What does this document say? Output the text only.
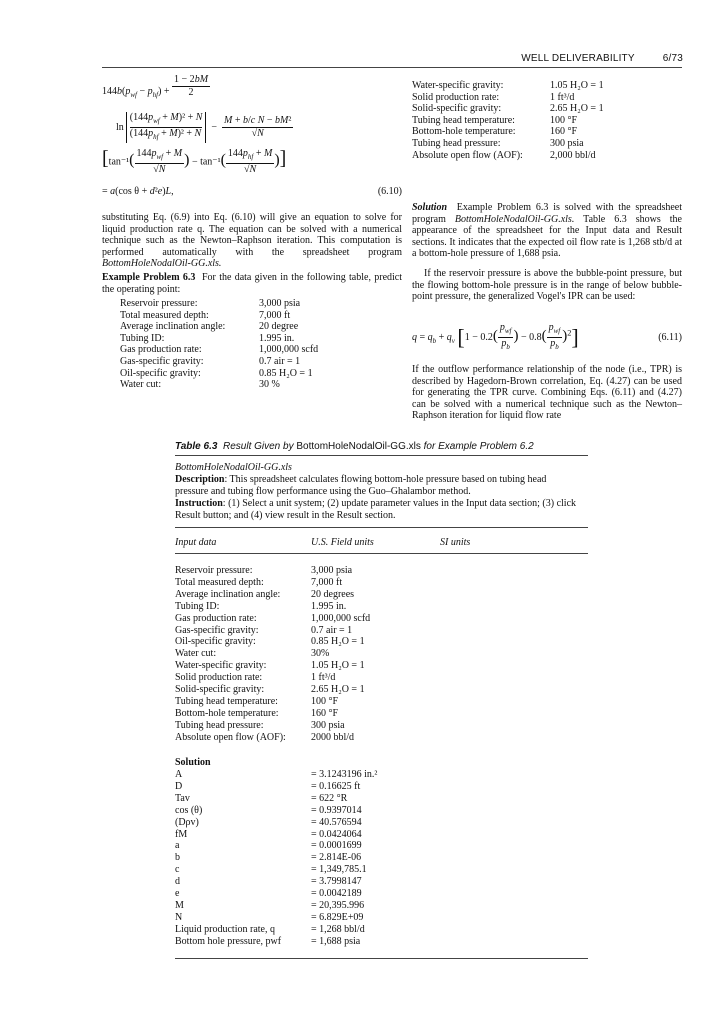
WELL DELIVERABILITY	6/73
$144b(p_{wf} - p_{hf}) + \frac{1 - 2bM}{2}$
ln
$(144p_{wf} + M)^2 + N$
$(144p_{hf} + M)^2 + N$
− $\frac{\text{M + b/c N − bM²}}{√N}$
[$\tan^{-1}( \frac{144p_{wf} + M}{√N}$ ) − $\tan^{-1}( \frac{144p_{hf} + M}{√N}$ )]
= a(cos θ + d²e)L,	(6.10)
substituting Eq. (6.9) into Eq. (6.10) will give an equation to solve for liquid production rate q. The equation can be solved with a numerical technique such as the Newton–Raphson iteration. This computation is performed automatically with the spreadsheet program BottomHoleNodalOil-GG.xls.
Example Problem 6.3 For the data given in the following table, predict the operating point:
Reservoir pressure:	3,000 psia
Total measured depth:	7,000 ft
Average inclination angle:	20 degree
Tubing ID:	1.995 in.
Gas production rate:	1,000,000 scfd
Gas-specific gravity:	0.7 air = 1
Oil-specific gravity:	0.85 H₂O = 1
Water cut:	30 %
Water-specific gravity:	1.05 H₂O = 1
Solid production rate:	1 ft³/d
Solid-specific gravity:	2.65 H₂O = 1
Tubing head temperature:	100 °F
Bottom-hole temperature:	160 °F
Tubing head pressure:	300 psia
Absolute open flow (AOF):	2,000 bbl/d
Solution Example Problem 6.3 is solved with the spreadsheet program BottomHoleNodalOil-GG.xls. Table 6.3 shows the appearance of the spreadsheet for the Input data and Result sections. It indicates that the expected oil flow rate is 1,268 stb/d at a bottom-hole pressure of 1,688 psia.
If the reservoir pressure is above the bubble-point pressure, but the flowing bottom-hole pressure is in the range of below bubble-point pressure, the generalized Vogel's IPR can be used:
$q = q_b + q_v$ [$1 - 0.2( \frac{p_{wf}}{p_b}$ ) − $0.8( \frac{p_{wf}}{p_b} )^2$]	(6.11)
If the outflow performance relationship of the node (i.e., TPR) is described by Hagedorn-Brown correlation, Eq. (4.27) can be used for generating the TPR curve. Combining Eqs. (6.11) and (4.27) can be solved with a numerical technique such as the Newton–Raphson iteration for liquid flow rate
Table 6.3 Result Given by BottomHoleNodalOil-GG.xls for Example Problem 6.2
BottomHoleNodalOil-GG.xls
Description: This spreadsheet calculates flowing bottom-hole pressure based on tubing head pressure and tubing flow performance using the Guo–Ghalambor method.
Instruction: (1) Select a unit system; (2) update parameter values in the Input data section; (3) click Result button; and (4) view result in the Result section.
Input data	U.S. Field units	SI units
Reservoir pressure:	3,000 psia
Total measured depth:	7,000 ft
Average inclination angle:	20 degrees
Tubing ID:	1.995 in.
Gas production rate:	1,000,000 scfd
Gas-specific gravity:	0.7 air = 1
Oil-specific gravity:	0.85 H₂O = 1
Water cut:	30%
Water-specific gravity:	1.05 H₂O = 1
Solid production rate:	1 ft³/d
Solid-specific gravity:	2.65 H₂O = 1
Tubing head temperature:	100 °F
Bottom-hole temperature:	160 °F
Tubing head pressure:	300 psia
Absolute open flow (AOF):	2000 bbl/d
Solution
A	= 3.1243196 in.²
D	= 0.16625 ft
Tav	= 622 °R
cos (θ)	= 0.9397014
(Dρv)	= 40.576594
fM	= 0.0424064
a	= 0.0001699
b	= 2.814E-06
c	= 1,349,785.1
d	= 3.7998147
e	= 0.0042189
M	= 20,395.996
N	= 6.829E+09
Liquid production rate, q	= 1,268 bbl/d
Bottom hole pressure, pwf	= 1,688 psia
